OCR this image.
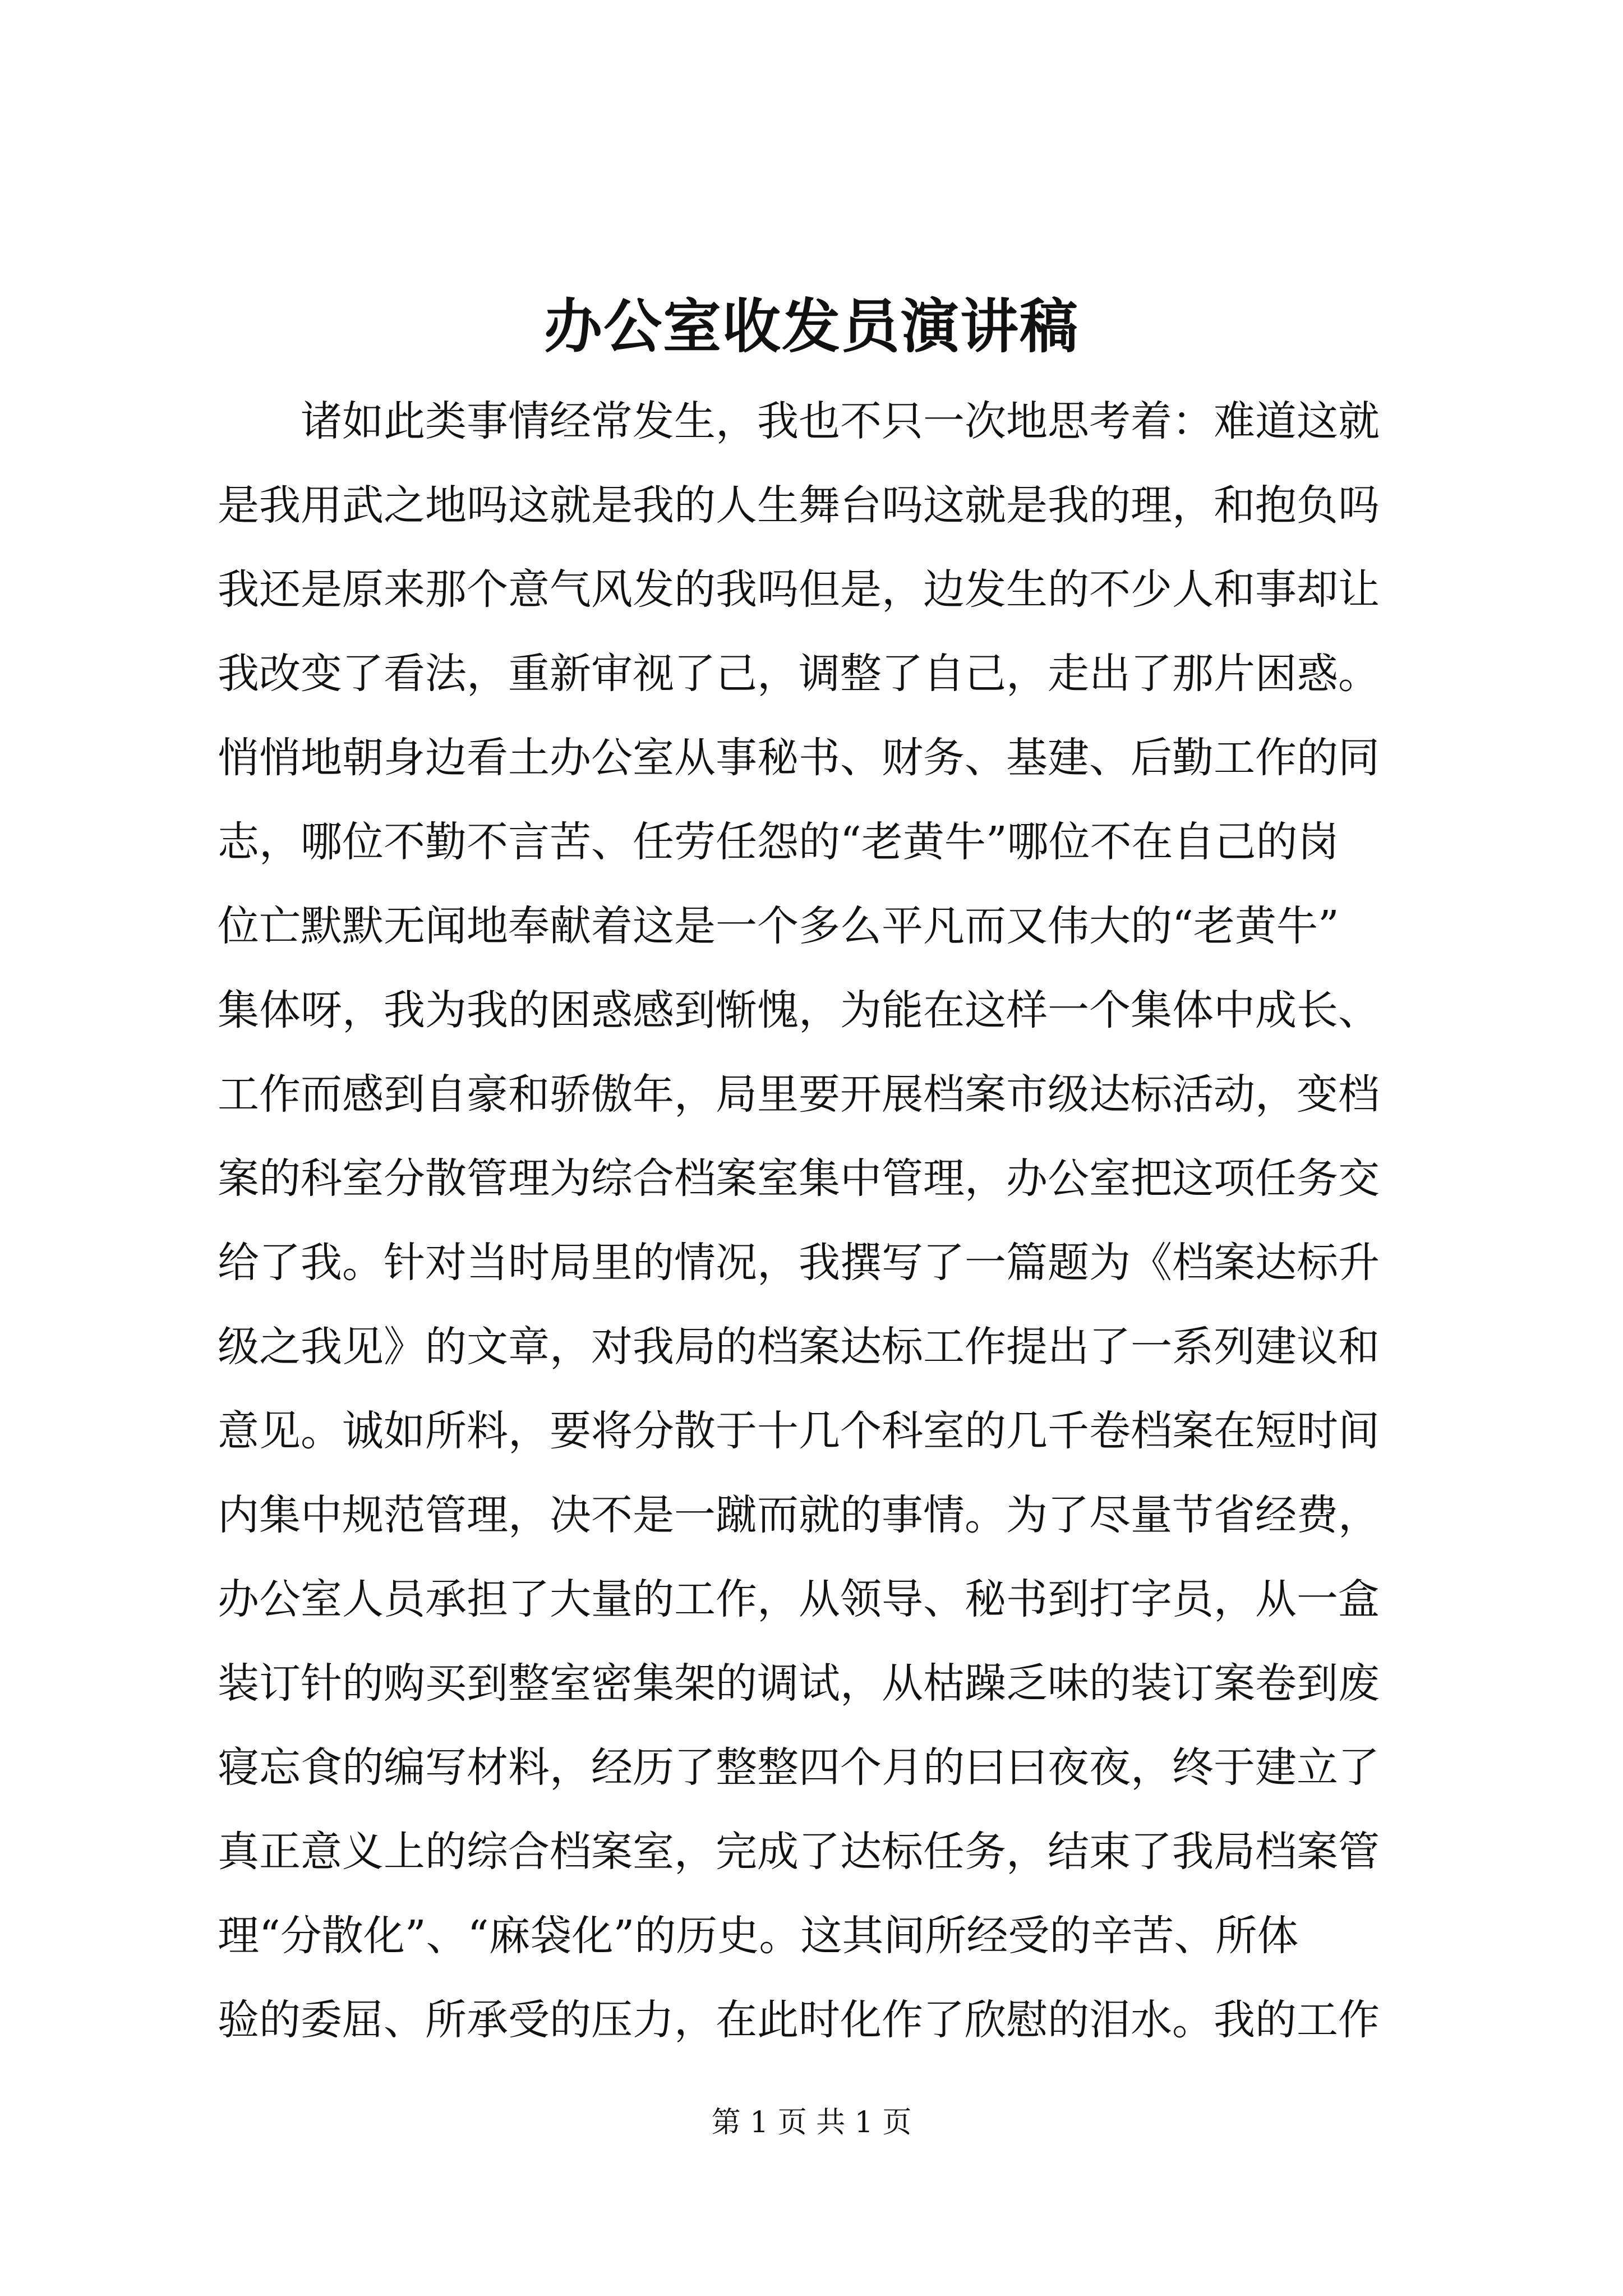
办公室收发员演讲稿
　　诸如此类事情经常发生，我也不只一次地思考着：难道这就
是我用武之地吗这就是我的人生舞台吗这就是我的理，和抱负吗
我还是原来那个意气风发的我吗但是，边发生的不少人和事却让
我改变了看法，重新审视了己，调整了自己，走出了那片困惑。
悄悄地朝身边看土办公室从事秘书、财务、基建、后勤工作的同
志，哪位不勤不言苦、任劳任怨的“老黄牛”哪位不在自己的岗
位亡默默无闻地奉献着这是一个多么平凡而又伟大的“老黄牛”
集体呀，我为我的困惑感到惭愧，为能在这样一个集体中成长、
工作而感到自豪和骄傲年，局里要开展档案市级达标活动，变档
案的科室分散管理为综合档案室集中管理，办公室把这项任务交
给了我。针对当时局里的情况，我撰写了一篇题为《档案达标升
级之我见》的文章，对我局的档案达标工作提出了一系列建议和
意见。诚如所料，要将分散于十几个科室的几千卷档案在短时间
内集中规范管理，决不是一蹴而就的事情。为了尽量节省经费，
办公室人员承担了大量的工作，从领导、秘书到打字员，从一盒
装订针的购买到整室密集架的调试，从枯躁乏味的装订案卷到废
寝忘食的编写材料，经历了整整四个月的曰曰夜夜，终于建立了
真正意义上的综合档案室，完成了达标任务，结束了我局档案管
理“分散化”、“麻袋化”的历史。这其间所经受的辛苦、所体
验的委屈、所承受的压力，在此时化作了欣慰的泪水。我的工作
第 1 页 共 1 页
